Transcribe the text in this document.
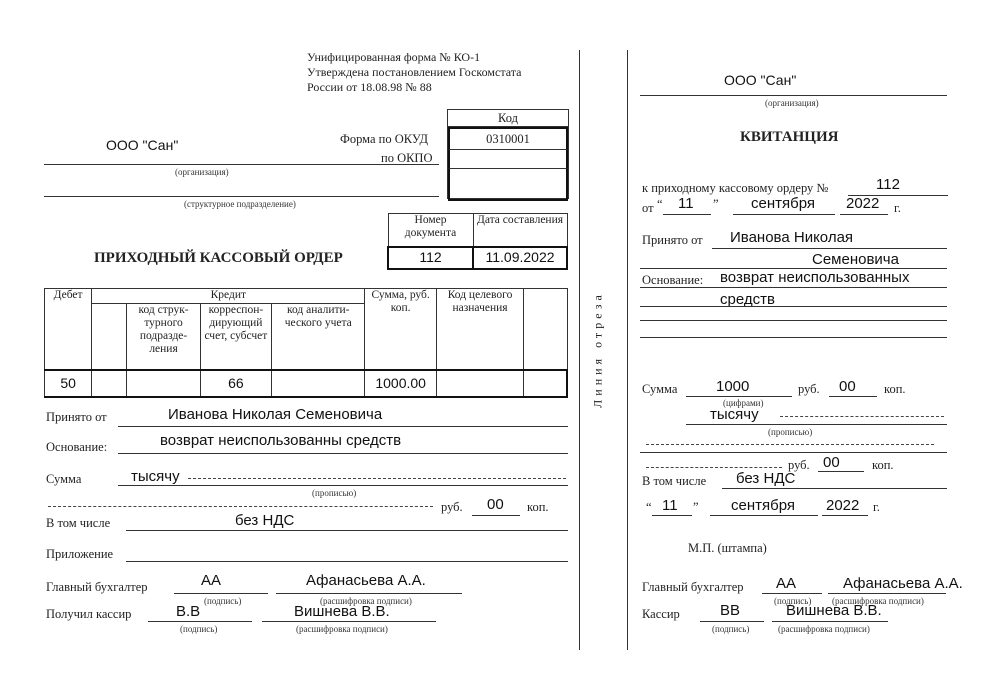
Унифицированная форма № КО-1
Утверждена постановлением Госкомстата
России от 18.08.98 № 88
Код
0310001
Форма по ОКУД
по ОКПО
ООО "Сан"
(организация)
(структурное подразделение)
ПРИХОДНЫЙ КАССОВЫЙ ОРДЕР
Номер документа	Дата составления
112	11.09.2022
Дебет	Кредит				Сумма, руб. коп.	Код целевого назначения	
		код струк-турного подразде-ления	корреспон-дирующий счет, субсчет	код аналити-ческого учета			
50			66		1000.00		
Принято от	Иванова Николая Семеновича
Основание:	возврат неиспользованны средств
Сумма	тысячу
(прописью)
руб. 00 коп.
В том числе	без НДС
Приложение
Главный бухгалтер	АА
(подпись)
Афанасьева А.А.
(расшифровка подписи)
Получил кассир	В.В
(подпись)
Вишнева В.В.
(расшифровка подписи)
Линия отреза
ООО "Сан"
(организация)
КВИТАНЦИЯ
к приходному кассовому ордеру №	112
от “ 11 ” сентября 2022 г.
Принято от Иванова Николая
Семеновича
Основание: возврат неиспользованных
средств
Сумма	1000
(цифрами)
руб. 00 коп.
тысячу
(прописью)
руб. 00	коп.
В том числе без НДС
“ 11 ” сентября 2022 г.
М.П. (штампа)
Главный бухгалтер АА
(подпись)
Афанасьева А.А.
(расшифровка подписи)
Кассир	ВВ
(подпись)
Вишнева В.В.
(расшифровка подписи)
